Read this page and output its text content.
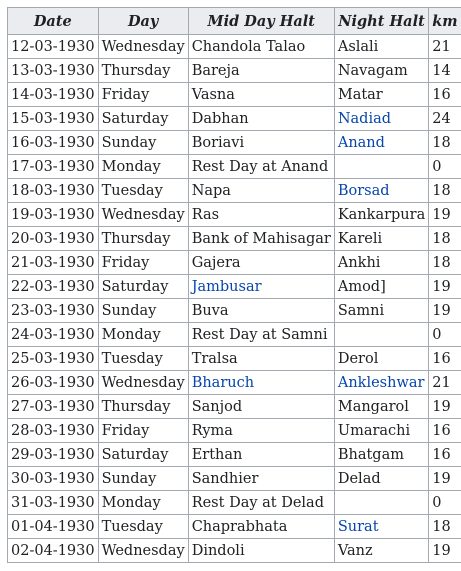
Date	Day	Mid Day Halt	Night Halt	km
12-03-1930	Wednesday	Chandola Talao	Aslali	21
13-03-1930	Thursday	Bareja	Navagam	14
14-03-1930	Friday	Vasna	Matar	16
15-03-1930	Saturday	Dabhan	Nadiad	24
16-03-1930	Sunday	Boriavi	Anand	18
17-03-1930	Monday	Rest Day at Anand		0
18-03-1930	Tuesday	Napa	Borsad	18
19-03-1930	Wednesday	Ras	Kankarpura	19
20-03-1930	Thursday	Bank of Mahisagar	Kareli	18
21-03-1930	Friday	Gajera	Ankhi	18
22-03-1930	Saturday	Jambusar	Amod]	19
23-03-1930	Sunday	Buva	Samni	19
24-03-1930	Monday	Rest Day at Samni		0
25-03-1930	Tuesday	Tralsa	Derol	16
26-03-1930	Wednesday	Bharuch	Ankleshwar	21
27-03-1930	Thursday	Sanjod	Mangarol	19
28-03-1930	Friday	Ryma	Umarachi	16
29-03-1930	Saturday	Erthan	Bhatgam	16
30-03-1930	Sunday	Sandhier	Delad	19
31-03-1930	Monday	Rest Day at Delad		0
01-04-1930	Tuesday	Chaprabhata	Surat	18
02-04-1930	Wednesday	Dindoli	Vanz	19
